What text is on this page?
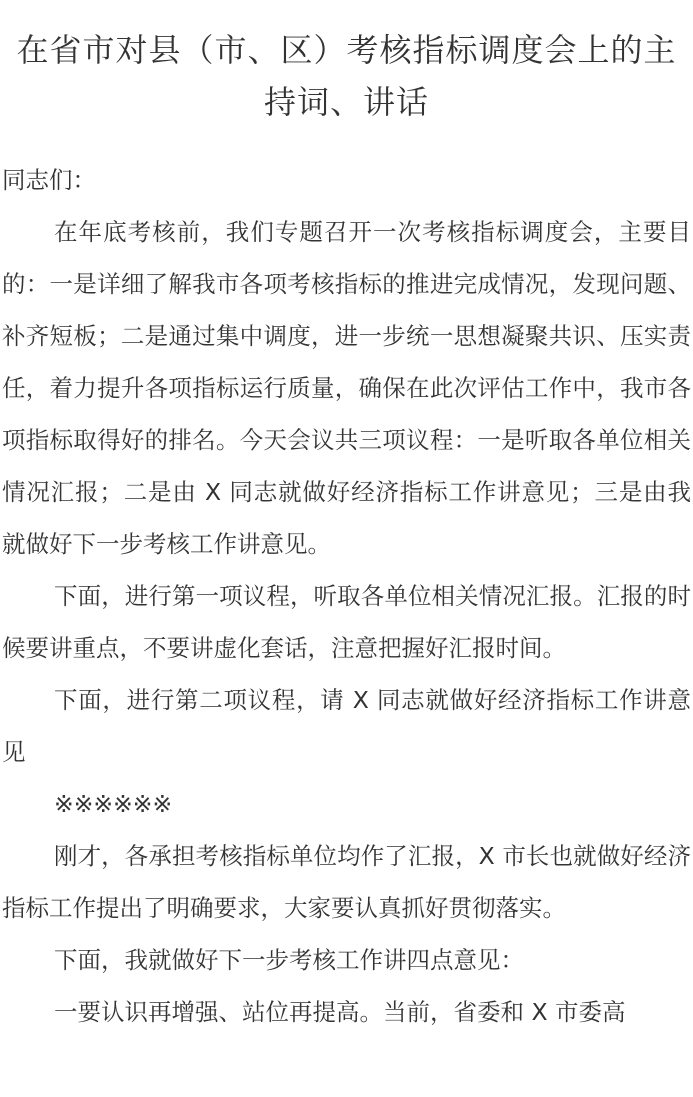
在省市对县（市、区）考核指标调度会上的主持词、讲话

同志们：

在年底考核前，我们专题召开一次考核指标调度会，主要目的：一是详细了解我市各项考核指标的推进完成情况，发现问题、补齐短板；二是通过集中调度，进一步统一思想凝聚共识、压实责任，着力提升各项指标运行质量，确保在此次评估工作中，我市各项指标取得好的排名。今天会议共三项议程：一是听取各单位相关情况汇报；二是由 X 同志就做好经济指标工作讲意见；三是由我就做好下一步考核工作讲意见。

下面，进行第一项议程，听取各单位相关情况汇报。汇报的时候要讲重点，不要讲虚化套话，注意把握好汇报时间。

下面，进行第二项议程，请 X 同志就做好经济指标工作讲意见

※※※※※※

刚才，各承担考核指标单位均作了汇报，X 市长也就做好经济指标工作提出了明确要求，大家要认真抓好贯彻落实。

下面，我就做好下一步考核工作讲四点意见：

一要认识再增强、站位再提高。当前，省委和 X 市委高
